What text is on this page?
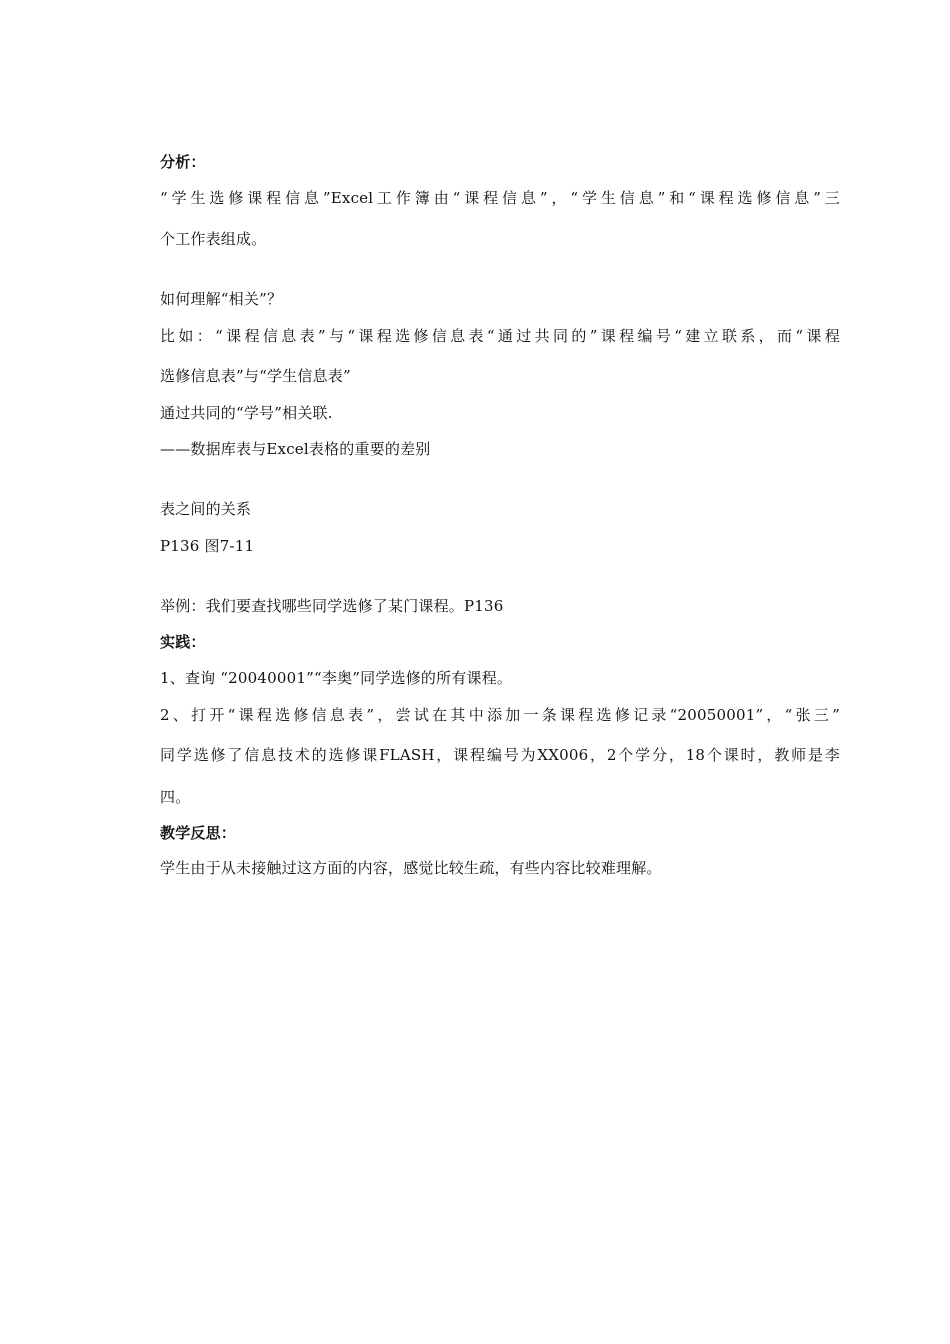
分析：
“学生选修课程信息”Excel工作簿由“课程信息”，“学生信息”和“课程选修信息”三
个工作表组成。
如何理解“相关”？
比如：“课程信息表”与“课程选修信息表“通过共同的”课程编号“建立联系，而“课程
选修信息表”与“学生信息表”
通过共同的“学号”相关联.
——数据库表与Excel表格的重要的差别
表之间的关系
P136 图7-11
举例：我们要查找哪些同学选修了某门课程。P136
实践：
1、查询 “20040001”“李奥”同学选修的所有课程。
2、打开“课程选修信息表”，尝试在其中添加一条课程选修记录“20050001”，“张三”
同学选修了信息技术的选修课FLASH，课程编号为XX006，2个学分，18个课时，教师是李
四。
教学反思：
学生由于从未接触过这方面的内容，感觉比较生疏，有些内容比较难理解。
